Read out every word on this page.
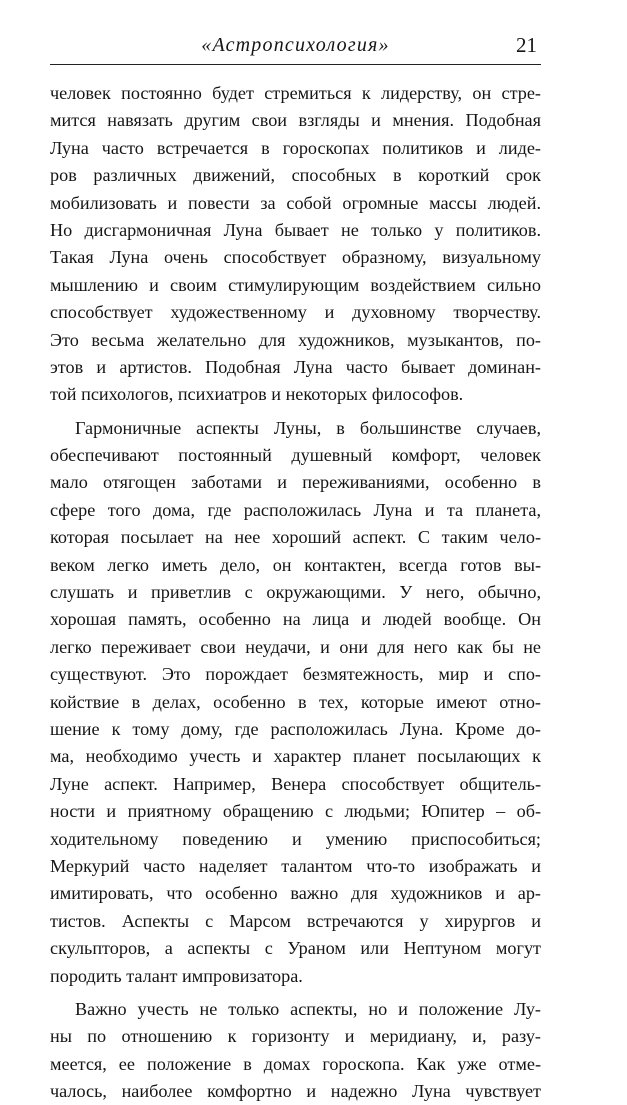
«Астропсихология»	21
человек постоянно будет стремиться к лидерству, он стре-
мится навязать другим свои взгляды и мнения. Подобная
Луна часто встречается в гороскопах политиков и лиде-
ров различных движений, способных в короткий срок
мобилизовать и повести за собой огромные массы людей.
Но дисгармоничная Луна бывает не только у политиков.
Такая Луна очень способствует образному, визуальному
мышлению и своим стимулирующим воздействием сильно
способствует художественному и духовному творчеству.
Это весьма желательно для художников, музыкантов, по-
этов и артистов. Подобная Луна часто бывает доминан-
той психологов, психиатров и некоторых философов.
Гармоничные аспекты Луны, в большинстве случаев,
обеспечивают постоянный душевный комфорт, человек
мало отягощен заботами и переживаниями, особенно в
сфере того дома, где расположилась Луна и та планета,
которая посылает на нее хороший аспект. С таким чело-
веком легко иметь дело, он контактен, всегда готов вы-
слушать и приветлив с окружающими. У него, обычно,
хорошая память, особенно на лица и людей вообще. Он
легко переживает свои неудачи, и они для него как бы не
существуют. Это порождает безмятежность, мир и спо-
койствие в делах, особенно в тех, которые имеют отно-
шение к тому дому, где расположилась Луна. Кроме до-
ма, необходимо учесть и характер планет посылающих к
Луне аспект. Например, Венера способствует общитель-
ности и приятному обращению с людьми; Юпитер – об-
ходительному поведению и умению приспособиться;
Меркурий часто наделяет талантом что-то изображать и
имитировать, что особенно важно для художников и ар-
тистов. Аспекты с Марсом встречаются у хирургов и
скульпторов, а аспекты с Ураном или Нептуном могут
породить талант импровизатора.
Важно учесть не только аспекты, но и положение Лу-
ны по отношению к горизонту и меридиану, и, разу-
меется, ее положение в домах гороскопа. Как уже отме-
чалось, наиболее комфортно и надежно Луна чувствует
